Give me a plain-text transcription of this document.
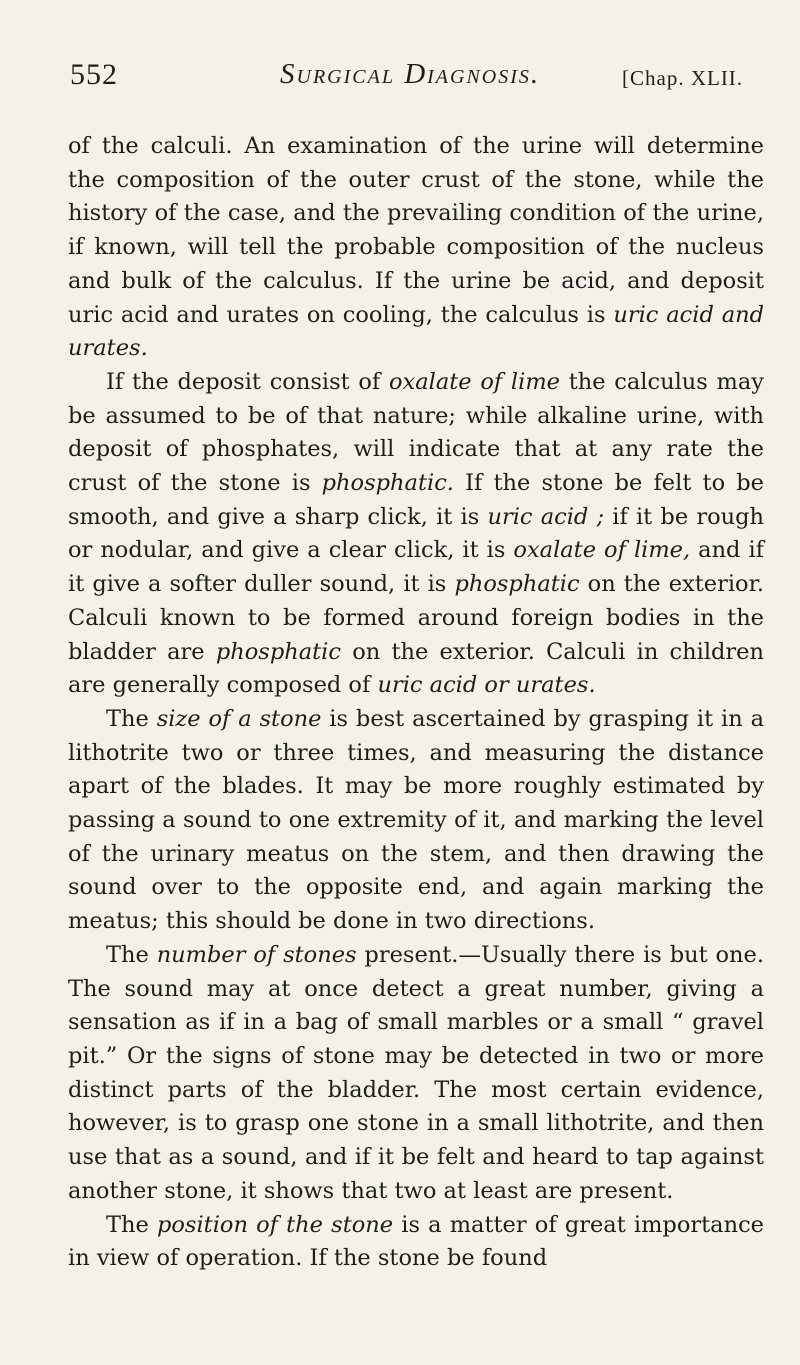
552	Surgical Diagnosis.	[Chap. XLII.

of the calculi. An examination of the urine will determine the composition of the outer crust of the stone, while the history of the case, and the prevailing condition of the urine, if known, will tell the probable composition of the nucleus and bulk of the calculus. If the urine be acid, and deposit uric acid and urates on cooling, the calculus is uric acid and urates.

If the deposit consist of oxalate of lime the calculus may be assumed to be of that nature; while alkaline urine, with deposit of phosphates, will indicate that at any rate the crust of the stone is phosphatic. If the stone be felt to be smooth, and give a sharp click, it is uric acid ; if it be rough or nodular, and give a clear click, it is oxalate of lime, and if it give a softer duller sound, it is phosphatic on the exterior. Calculi known to be formed around foreign bodies in the bladder are phosphatic on the exterior. Calculi in children are generally composed of uric acid or urates.

The size of a stone is best ascertained by grasping it in a lithotrite two or three times, and measuring the distance apart of the blades. It may be more roughly estimated by passing a sound to one extremity of it, and marking the level of the urinary meatus on the stem, and then drawing the sound over to the opposite end, and again marking the meatus; this should be done in two directions.

The number of stones present.—Usually there is but one. The sound may at once detect a great number, giving a sensation as if in a bag of small marbles or a small “ gravel pit.” Or the signs of stone may be detected in two or more distinct parts of the bladder. The most certain evidence, however, is to grasp one stone in a small lithotrite, and then use that as a sound, and if it be felt and heard to tap against another stone, it shows that two at least are present.

The position of the stone is a matter of great importance in view of operation. If the stone be found
